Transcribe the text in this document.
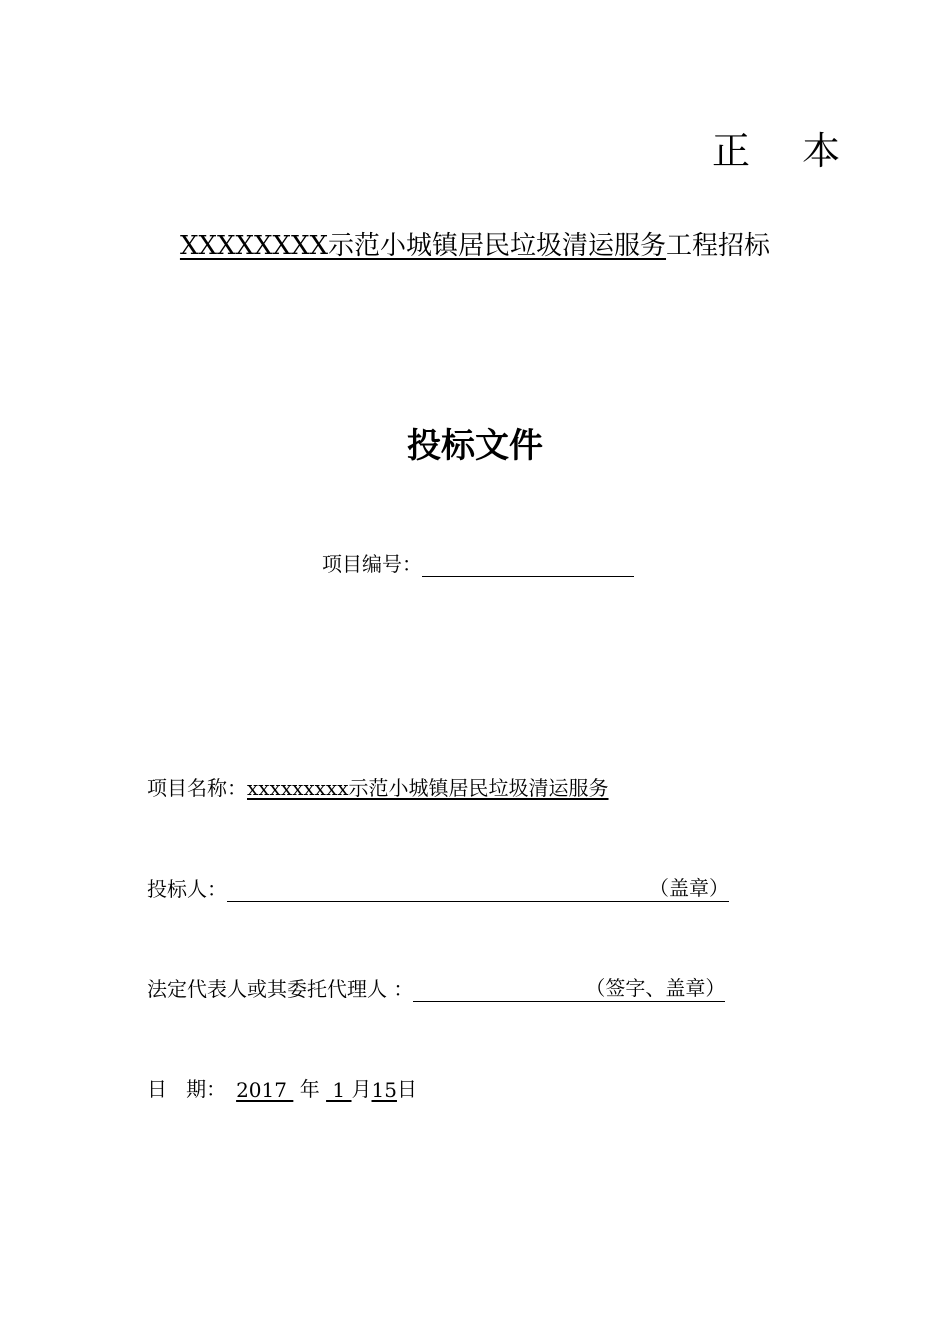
正 本
XXXXXXXX示范小城镇居民垃圾清运服务工程招标
投标文件
项目编号：
项目名称： xxxxxxxxx示范小城镇居民垃圾清运服务
投标人：	（盖章）
法定代表人或其委托代理人 ：	（签字、盖章）
日   期： 2017 年 1 月 15 日
